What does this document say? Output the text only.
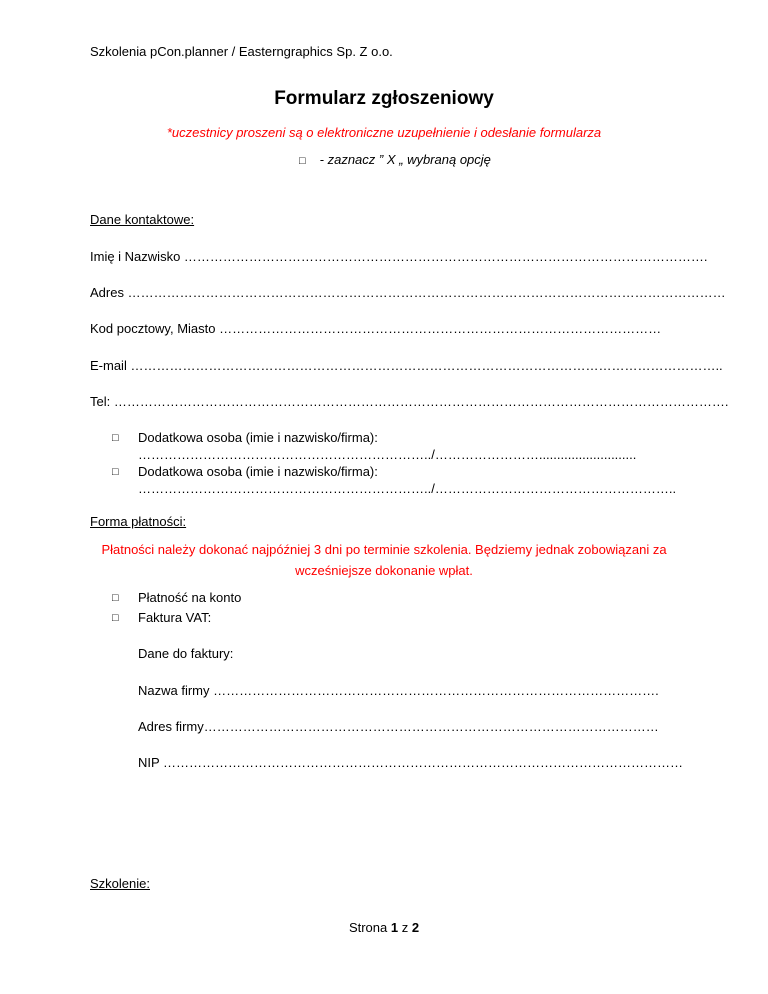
Szkolenia pCon.planner / Easterngraphics Sp. Z o.o.
Formularz zgłoszeniowy
*uczestnicy proszeni są o elektroniczne uzupełnienie i odesłanie formularza
□ - zaznacz ” X „ wybraną opcję
Dane kontaktowe:
Imię i Nazwisko ………………………………………………………………………………………………………….
Adres …………………………………………………………………………………………………………………………
Kod pocztowy, Miasto …………………………………………………………………………………………
E-mail ………………………………………………………………………………………………………………………..
Tel: …………………………………………………………………………………………………………………………….
□ Dodatkowa osoba (imie i nazwisko/firma):
…………………………………………………………../……………………...........................
□ Dodatkowa osoba (imie i nazwisko/firma):
…………………………………………………………../………………………………………………..
Forma płatności:
Płatności należy dokonać najpóźniej 3 dni po terminie szkolenia. Będziemy jednak zobowiązani za
wcześniejsze dokonanie wpłat.
□ Płatność na konto
□ Faktura VAT:
Dane do faktury:
Nazwa firmy ………………………………………………………………………………………….
Adres firmy……………………………………………………………………………………………
NIP …………………………………………………………………………………………………………
Szkolenie:
Strona 1 z 2
